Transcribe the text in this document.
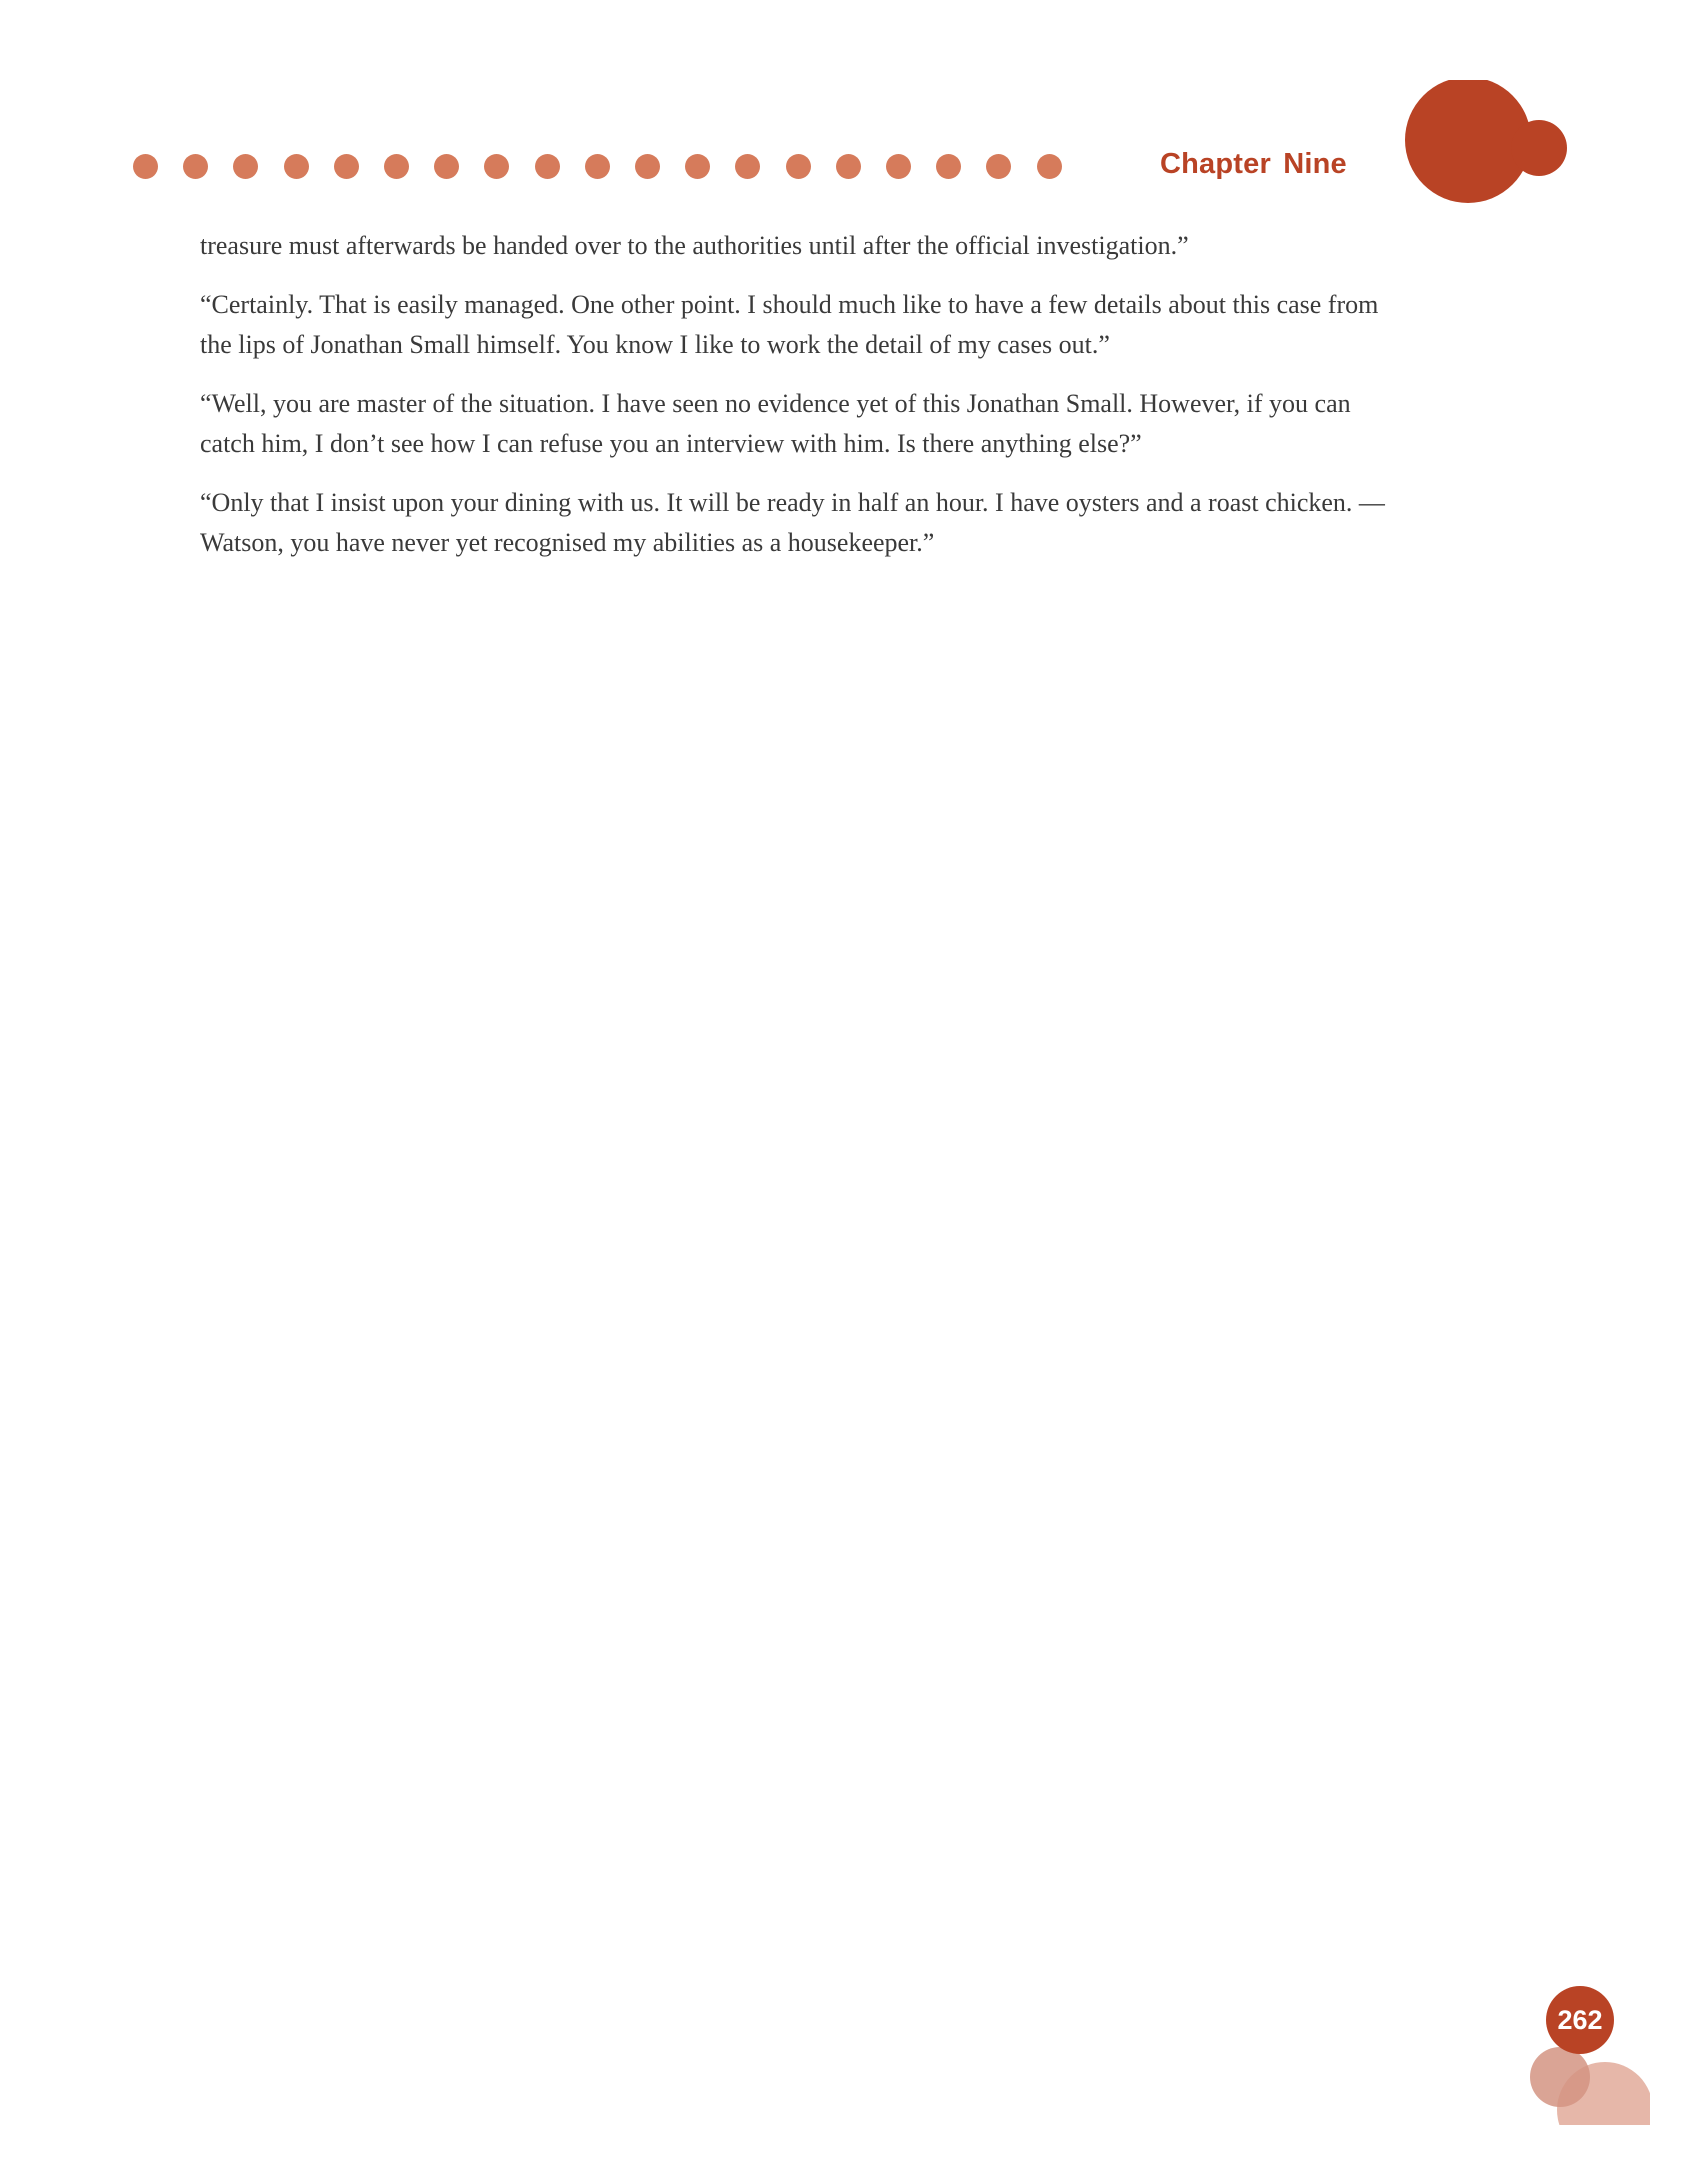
Chapter Nine

treasure must afterwards be handed over to the authorities until after the official investigation.”

“Certainly. That is easily managed. One other point. I should much like to have a few details about this case from the lips of Jonathan Small himself. You know I like to work the detail of my cases out.”

“Well, you are master of the situation. I have seen no evidence yet of this Jonathan Small. However, if you can catch him, I don’t see how I can refuse you an interview with him. Is there anything else?”

“Only that I insist upon your dining with us. It will be ready in half an hour. I have oysters and a roast chicken. —Watson, you have never yet recognised my abilities as a housekeeper.”

262
